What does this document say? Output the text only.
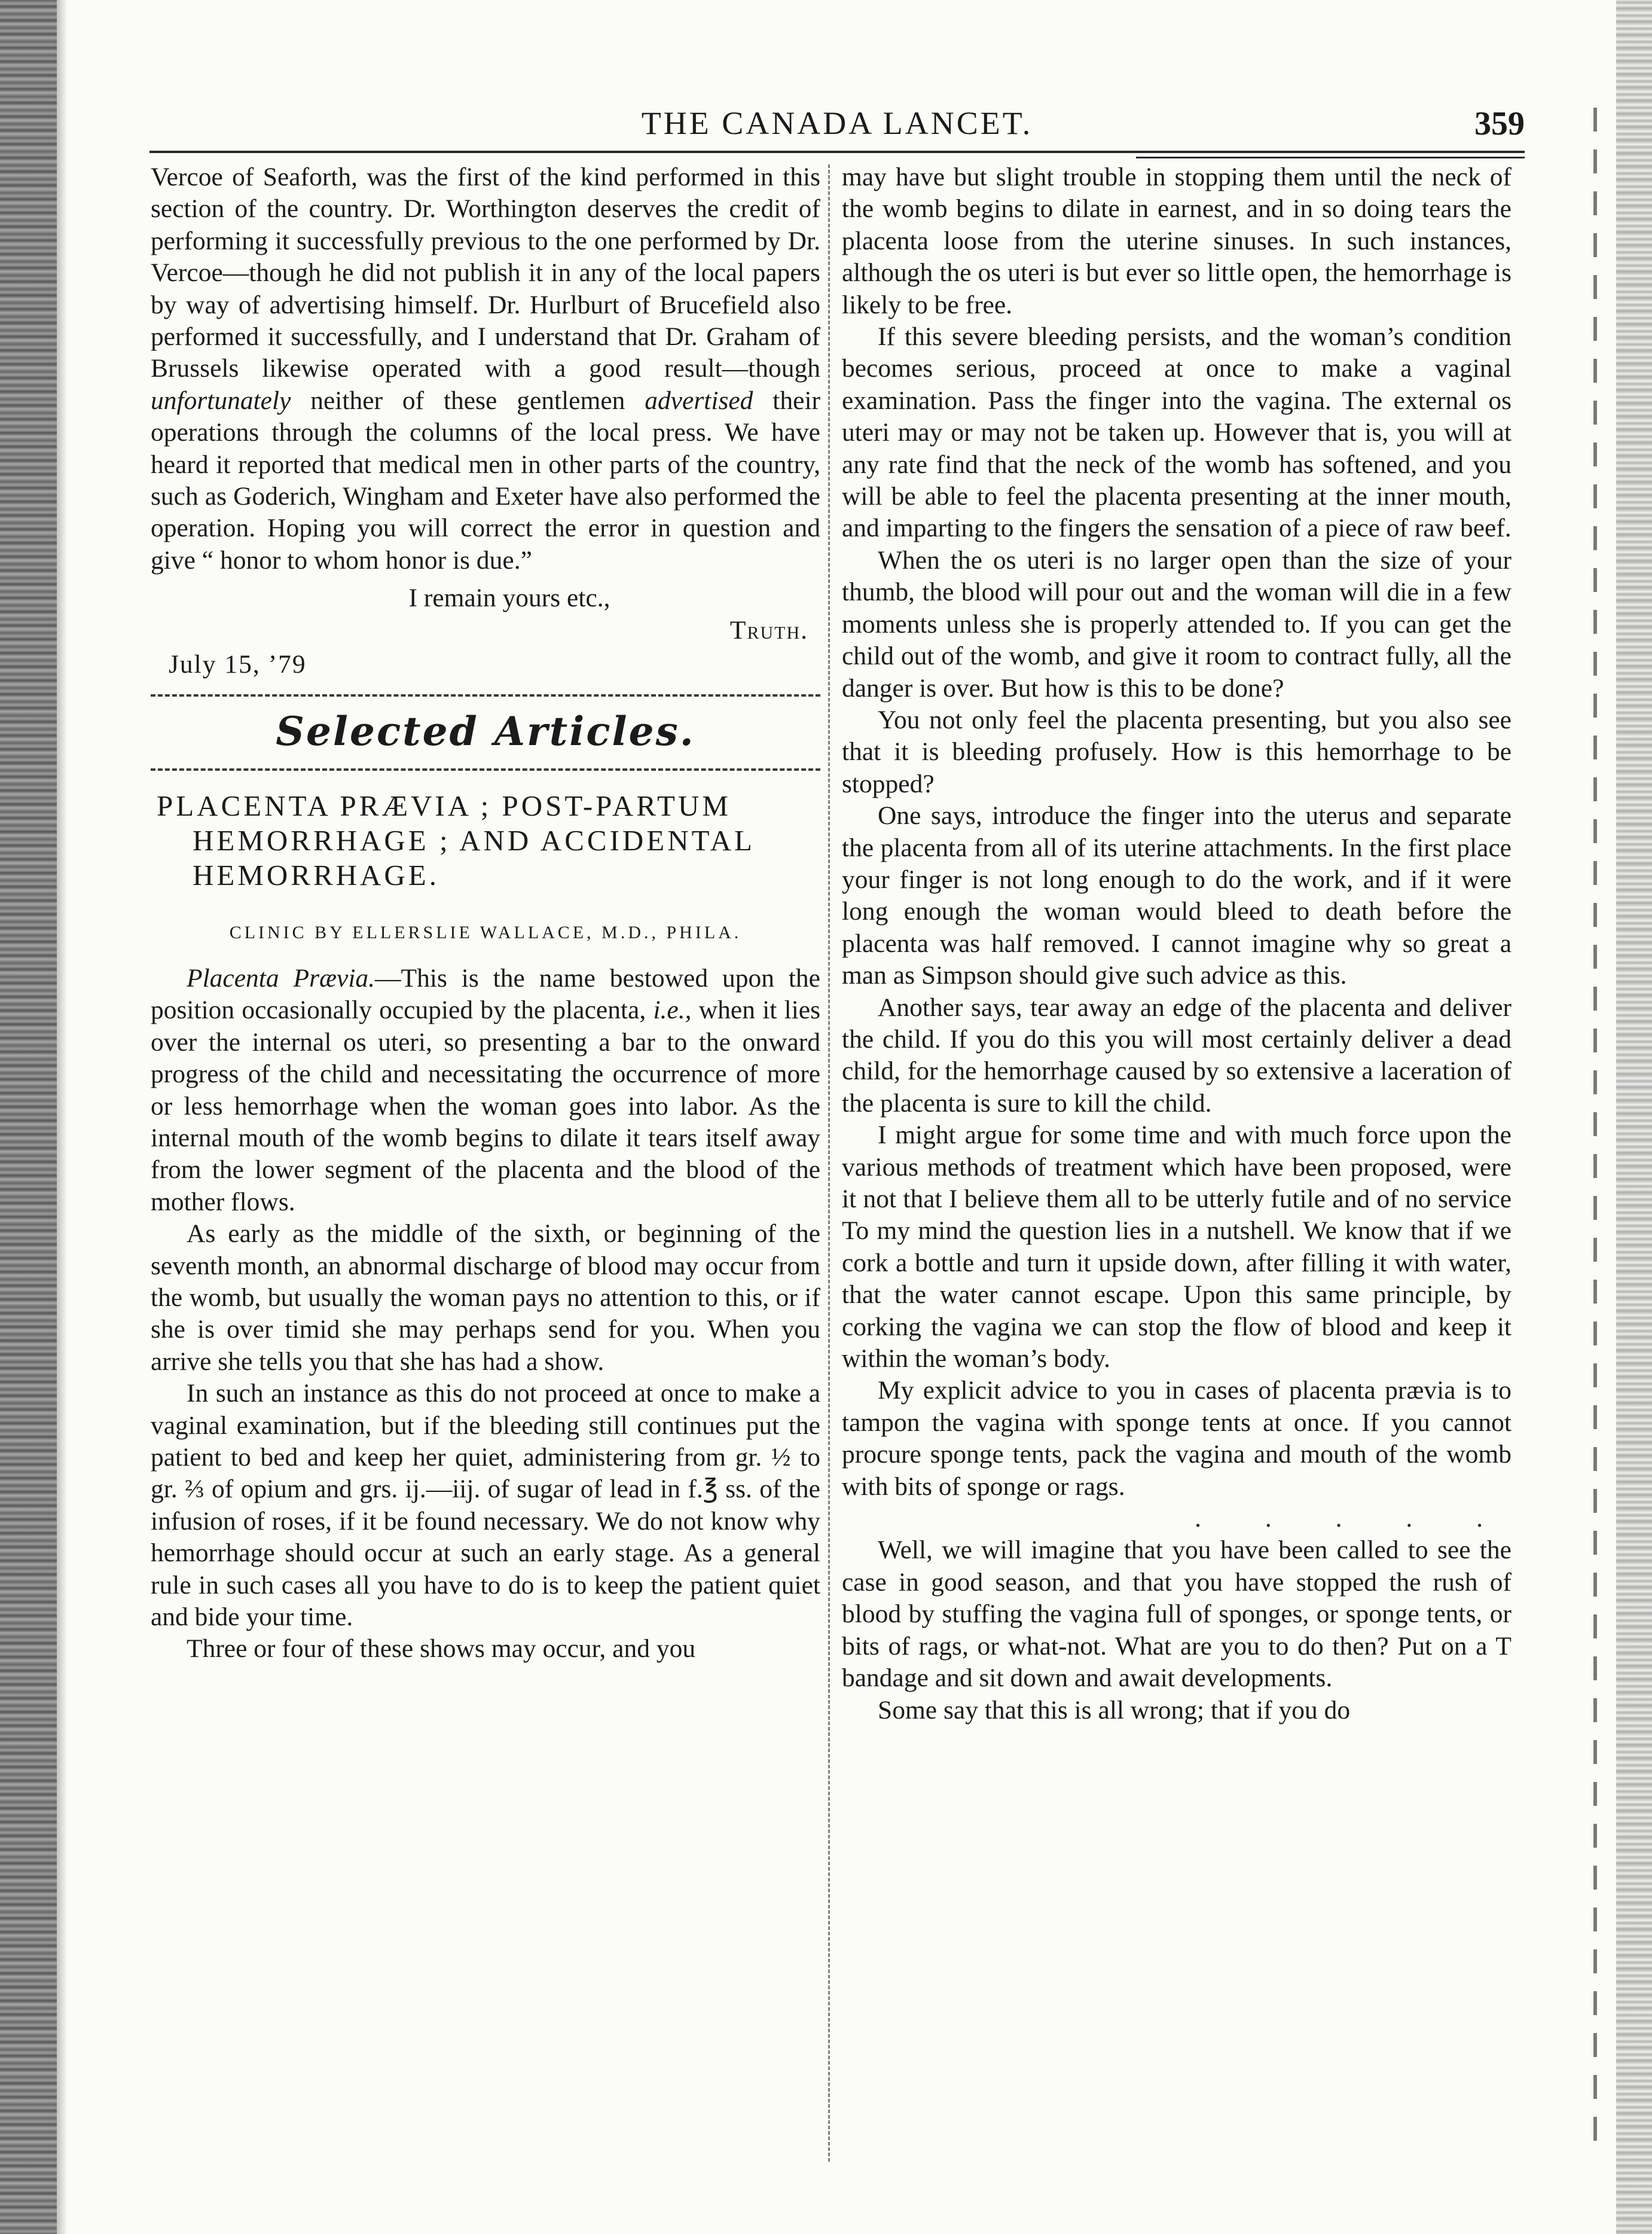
THE CANADA LANCET.	359

Vercoe of Seaforth, was the first of the kind performed in this section of the country. Dr. Worthington deserves the credit of performing it successfully previous to the one performed by Dr. Vercoe—though he did not publish it in any of the local papers by way of advertising himself. Dr. Hurlburt of Brucefield also performed it successfully, and I understand that Dr. Graham of Brussels likewise operated with a good result—though unfortunately neither of these gentlemen advertised their operations through the columns of the local press. We have heard it reported that medical men in other parts of the country, such as Goderich, Wingham and Exeter have also performed the operation. Hoping you will correct the error in question and give “ honor to whom honor is due.”

I remain yours etc.,

Truth.

July 15, ’79

Selected Articles.

PLACENTA PRÆVIA ; POST-PARTUM
HEMORRHAGE ; AND ACCIDENTAL
HEMORRHAGE.

CLINIC BY ELLERSLIE WALLACE, M.D., PHILA.

Placenta Prævia.—This is the name bestowed upon the position occasionally occupied by the placenta, i.e., when it lies over the internal os uteri, so presenting a bar to the onward progress of the child and necessitating the occurrence of more or less hemorrhage when the woman goes into labor. As the internal mouth of the womb begins to dilate it tears itself away from the lower segment of the placenta and the blood of the mother flows.

As early as the middle of the sixth, or beginning of the seventh month, an abnormal discharge of blood may occur from the womb, but usually the woman pays no attention to this, or if she is over timid she may perhaps send for you. When you arrive she tells you that she has had a show.

In such an instance as this do not proceed at once to make a vaginal examination, but if the bleeding still continues put the patient to bed and keep her quiet, administering from gr. ½ to gr. ⅔ of opium and grs. ij.—iij. of sugar of lead in f.℥ ss. of the infusion of roses, if it be found necessary. We do not know why hemorrhage should occur at such an early stage. As a general rule in such cases all you have to do is to keep the patient quiet and bide your time.

Three or four of these shows may occur, and you

may have but slight trouble in stopping them until the neck of the womb begins to dilate in earnest, and in so doing tears the placenta loose from the uterine sinuses. In such instances, although the os uteri is but ever so little open, the hemorrhage is likely to be free.

If this severe bleeding persists, and the woman’s condition becomes serious, proceed at once to make a vaginal examination. Pass the finger into the vagina. The external os uteri may or may not be taken up. However that is, you will at any rate find that the neck of the womb has softened, and you will be able to feel the placenta presenting at the inner mouth, and imparting to the fingers the sensation of a piece of raw beef.

When the os uteri is no larger open than the size of your thumb, the blood will pour out and the woman will die in a few moments unless she is properly attended to. If you can get the child out of the womb, and give it room to contract fully, all the danger is over. But how is this to be done?

You not only feel the placenta presenting, but you also see that it is bleeding profusely. How is this hemorrhage to be stopped?

One says, introduce the finger into the uterus and separate the placenta from all of its uterine attachments. In the first place your finger is not long enough to do the work, and if it were long enough the woman would bleed to death before the placenta was half removed. I cannot imagine why so great a man as Simpson should give such advice as this.

Another says, tear away an edge of the placenta and deliver the child. If you do this you will most certainly deliver a dead child, for the hemorrhage caused by so extensive a laceration of the placenta is sure to kill the child.

I might argue for some time and with much force upon the various methods of treatment which have been proposed, were it not that I believe them all to be utterly futile and of no service To my mind the question lies in a nutshell. We know that if we cork a bottle and turn it upside down, after filling it with water, that the water cannot escape. Upon this same principle, by corking the vagina we can stop the flow of blood and keep it within the woman’s body.

My explicit advice to you in cases of placenta prævia is to tampon the vagina with sponge tents at once. If you cannot procure sponge tents, pack the vagina and mouth of the womb with bits of sponge or rags.

. . . . .

Well, we will imagine that you have been called to see the case in good season, and that you have stopped the rush of blood by stuffing the vagina full of sponges, or sponge tents, or bits of rags, or what-not. What are you to do then? Put on a T bandage and sit down and await developments.

Some say that this is all wrong; that if you do
